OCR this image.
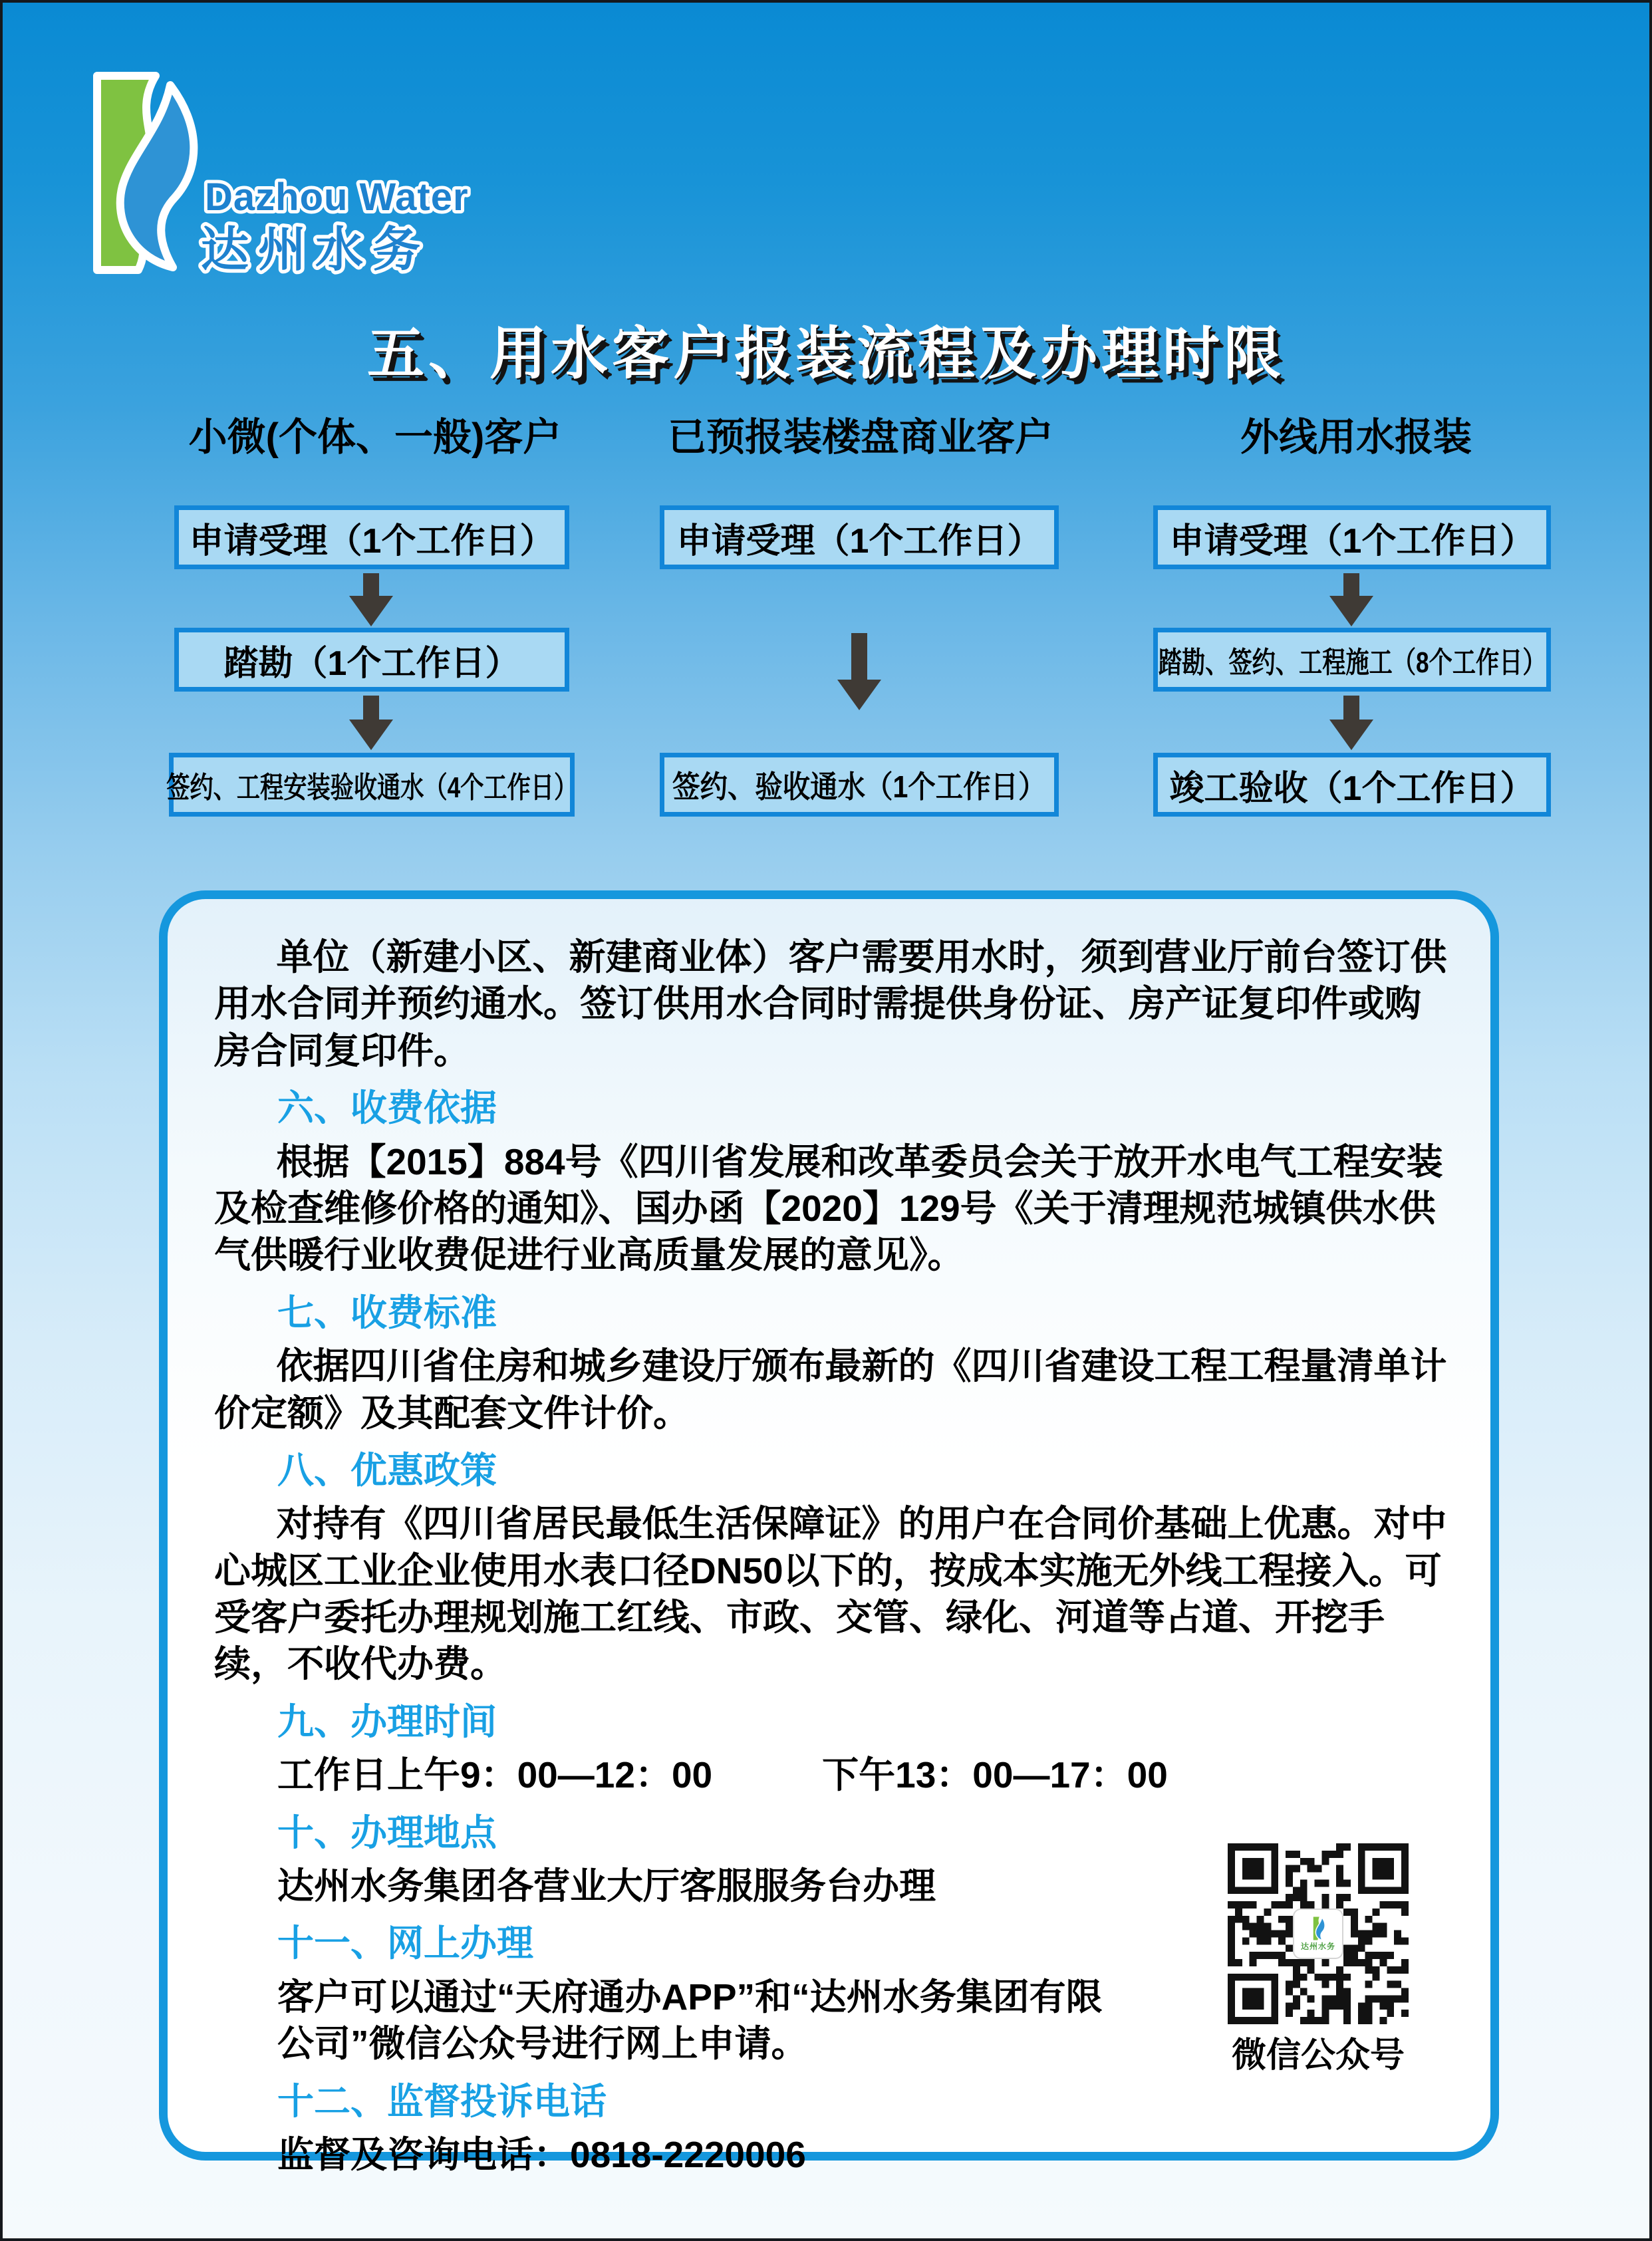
Dazhou Water
达州水务
五、用水客户报装流程及办理时限
小微(个体、一般)客户	已预报装楼盘商业客户	外线用水报装
申请受理（1个工作日）
踏勘（1个工作日）
签约、工程安装验收通水（4个工作日）
申请受理（1个工作日）
签约、验收通水（1个工作日）
申请受理（1个工作日）
踏勘、签约、工程施工（8个工作日）
竣工验收（1个工作日）

单位（新建小区、新建商业体）客户需要用水时，须到营业厅前台签订供用水合同并预约通水。签订供用水合同时需提供身份证、房产证复印件或购房合同复印件。

六、收费依据

根据【2015】884号《四川省发展和改革委员会关于放开水电气工程安装及检查维修价格的通知》、国办函【2020】129号《关于清理规范城镇供水供气供暖行业收费促进行业高质量发展的意见》。

七、收费标准

依据四川省住房和城乡建设厅颁布最新的《四川省建设工程工程量清单计价定额》及其配套文件计价。

八、优惠政策

对持有《四川省居民最低生活保障证》的用户在合同价基础上优惠。对中心城区工业企业使用水表口径DN50以下的，按成本实施无外线工程接入。可受客户委托办理规划施工红线、市政、交管、绿化、河道等占道、开挖手续，不收代办费。

九、办理时间

工作日上午9：00—12：00　　　下午13：00—17：00

十、办理地点

达州水务集团各营业大厅客服服务台办理

十一、网上办理

客户可以通过“天府通办APP”和“达州水务集团有限公司”微信公众号进行网上申请。

十二、监督投诉电话

监督及咨询电话：0818-2220006

达州水务
微信公众号
